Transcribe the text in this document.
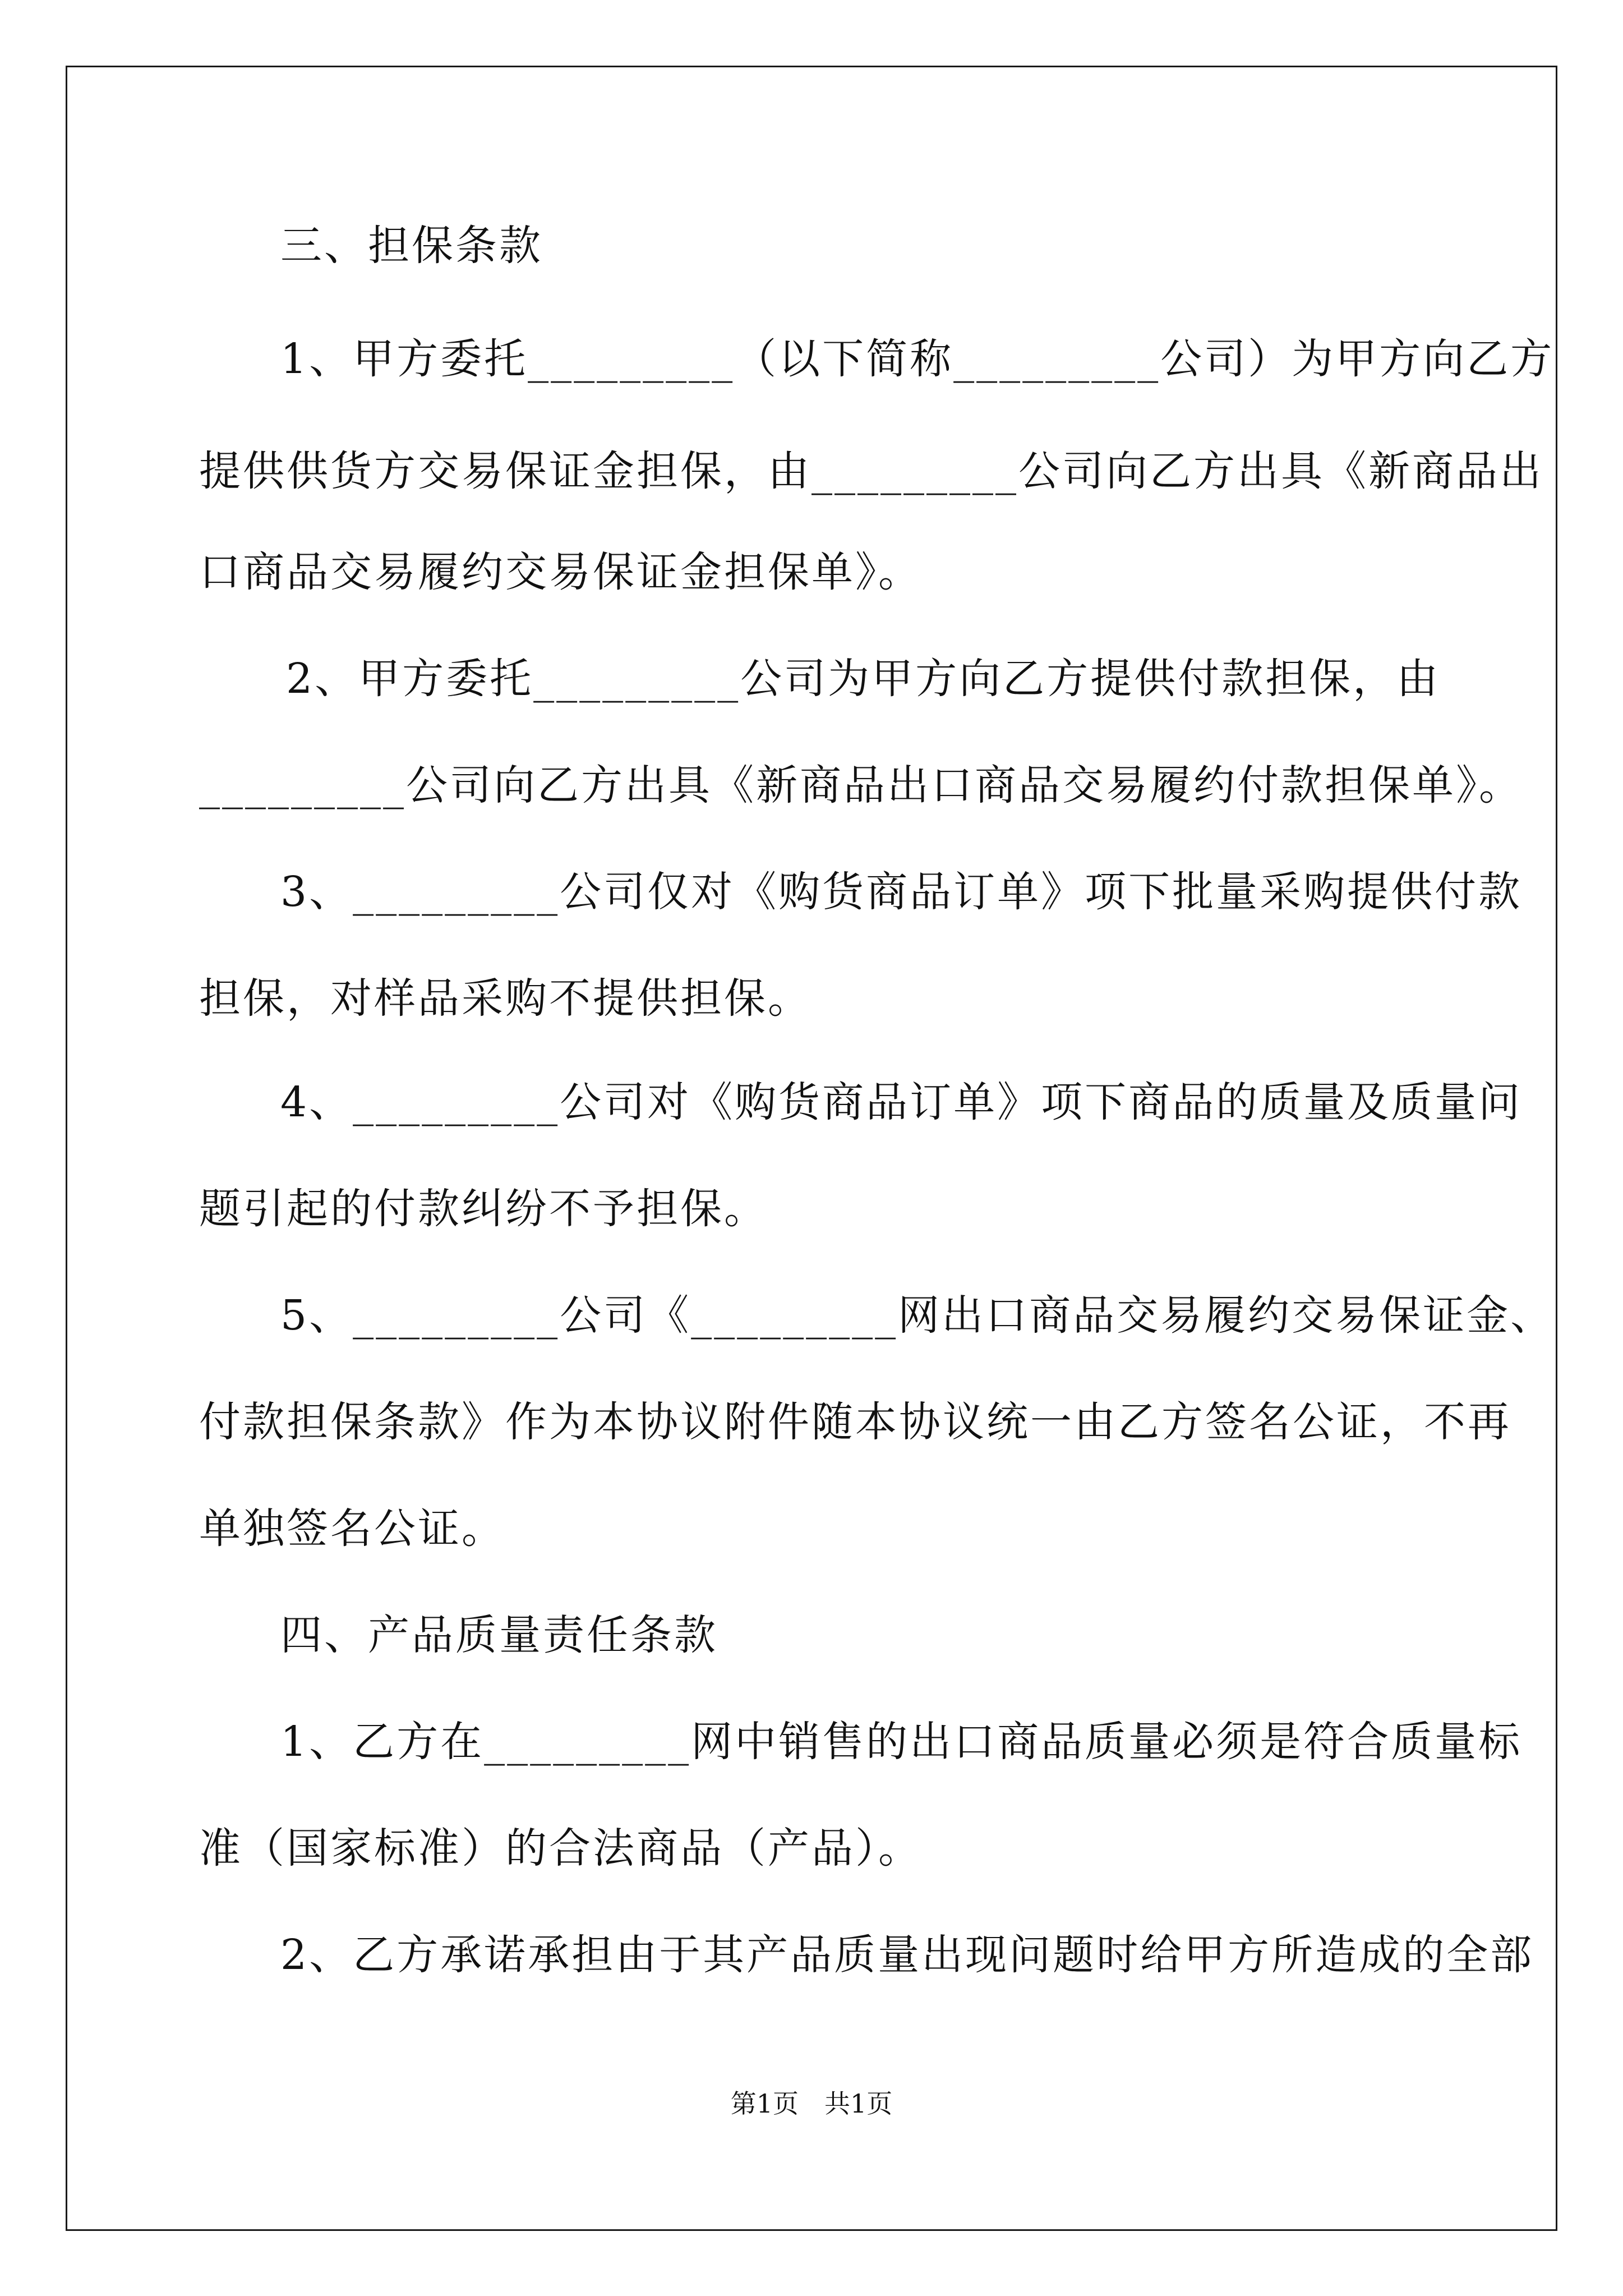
三、担保条款
1、甲方委托_________（以下简称_________公司）为甲方向乙方
提供供货方交易保证金担保，由_________公司向乙方出具《新商品出
口商品交易履约交易保证金担保单》。
2、甲方委托_________公司为甲方向乙方提供付款担保，由
_________公司向乙方出具《新商品出口商品交易履约付款担保单》。
3、_________公司仅对《购货商品订单》项下批量采购提供付款
担保，对样品采购不提供担保。
4、_________公司对《购货商品订单》项下商品的质量及质量问
题引起的付款纠纷不予担保。
5、_________公司《_________网出口商品交易履约交易保证金、
付款担保条款》作为本协议附件随本协议统一由乙方签名公证，不再
单独签名公证。
四、产品质量责任条款
1、乙方在_________网中销售的出口商品质量必须是符合质量标
准（国家标准）的合法商品（产品）。
2、乙方承诺承担由于其产品质量出现问题时给甲方所造成的全部
第1页　共1页
